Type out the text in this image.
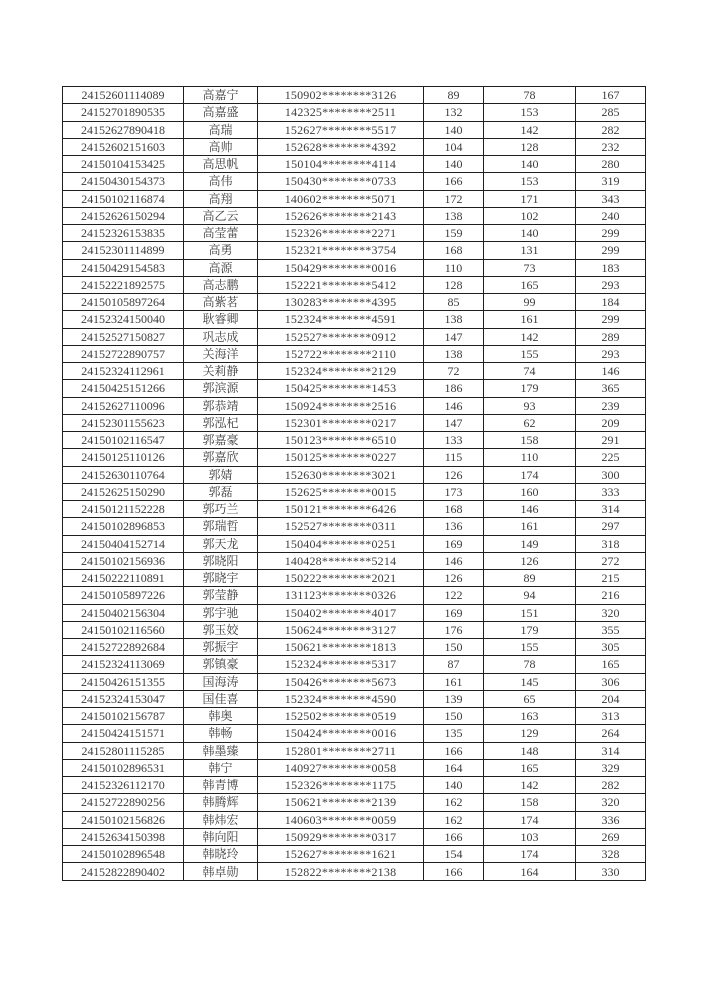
24152601114089	高嘉宁	150902********3126	89	78	167
24152701890535	高嘉盛	142325********2511	132	153	285
24152627890418	高瑞	152627********5517	140	142	282
24152602151603	高帅	152628********4392	104	128	232
24150104153425	高思帆	150104********4114	140	140	280
24150430154373	高伟	150430********0733	166	153	319
24150102116874	高翔	140602********5071	172	171	343
24152626150294	高乙云	152626********2143	138	102	240
24152326153835	高莹蕾	152326********2271	159	140	299
24152301114899	高勇	152321********3754	168	131	299
24150429154583	高源	150429********0016	110	73	183
24152221892575	高志鹏	152221********5412	128	165	293
24150105897264	高紫茗	130283********4395	85	99	184
24152324150040	耿睿卿	152324********4591	138	161	299
24152527150827	巩志成	152527********0912	147	142	289
24152722890757	关海洋	152722********2110	138	155	293
24152324112961	关莉静	152324********2129	72	74	146
24150425151266	郭滨源	150425********1453	186	179	365
24152627110096	郭恭靖	150924********2516	146	93	239
24152301155623	郭泓杞	152301********0217	147	62	209
24150102116547	郭嘉豪	150123********6510	133	158	291
24150125110126	郭嘉欣	150125********0227	115	110	225
24152630110764	郭婧	152630********3021	126	174	300
24152625150290	郭磊	152625********0015	173	160	333
24150121152228	郭巧兰	150121********6426	168	146	314
24150102896853	郭瑞哲	152527********0311	136	161	297
24150404152714	郭天龙	150404********0251	169	149	318
24150102156936	郭晓阳	140428********5214	146	126	272
24150222110891	郭晓宇	150222********2021	126	89	215
24150105897226	郭莹静	131123********0326	122	94	216
24150402156304	郭宇驰	150402********4017	169	151	320
24150102116560	郭玉姣	150624********3127	176	179	355
24152722892684	郭振宇	150621********1813	150	155	305
24152324113069	郭镇豪	152324********5317	87	78	165
24150426151355	国海涛	150426********5673	161	145	306
24152324153047	国佳喜	152324********4590	139	65	204
24150102156787	韩奥	152502********0519	150	163	313
24150424151571	韩畅	150424********0016	135	129	264
24152801115285	韩墨臻	152801********2711	166	148	314
24150102896531	韩宁	140927********0058	164	165	329
24152326112170	韩青博	152326********1175	140	142	282
24152722890256	韩腾辉	150621********2139	162	158	320
24150102156826	韩炜宏	140603********0059	162	174	336
24152634150398	韩向阳	150929********0317	166	103	269
24150102896548	韩晓玲	152627********1621	154	174	328
24152822890402	韩卓勋	152822********2138	166	164	330
